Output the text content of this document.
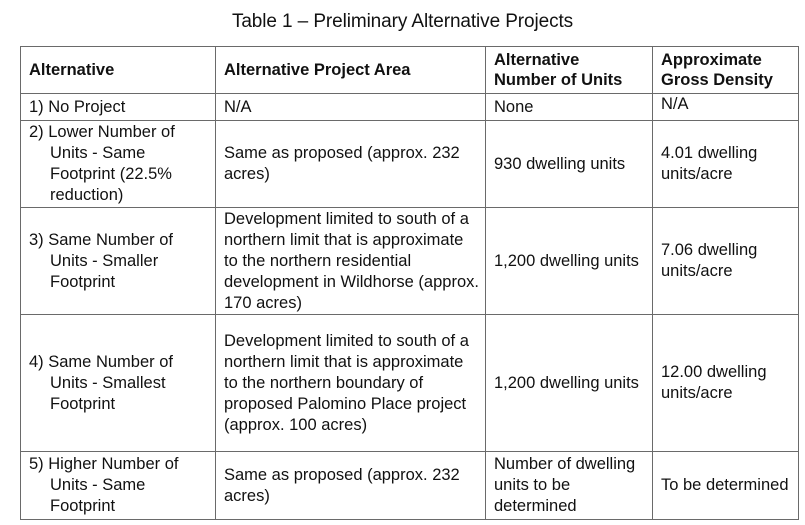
Table 1 – Preliminary Alternative Projects
Alternative	Alternative Project Area	Alternative Number of Units	Approximate Gross Density
1) No Project	N/A	None	N/A
2) Lower Number of Units - Same Footprint (22.5% reduction)	Same as proposed (approx. 232 acres)	930 dwelling units	4.01 dwelling units/acre
3) Same Number of Units - Smaller Footprint	Development limited to south of a northern limit that is approximate to the northern residential development in Wildhorse (approx. 170 acres)	1,200 dwelling units	7.06 dwelling units/acre
4) Same Number of Units - Smallest Footprint	Development limited to south of a northern limit that is approximate to the northern boundary of proposed Palomino Place project (approx. 100 acres)	1,200 dwelling units	12.00 dwelling units/acre
5) Higher Number of Units - Same Footprint	Same as proposed (approx. 232 acres)	Number of dwelling units to be determined	To be determined
